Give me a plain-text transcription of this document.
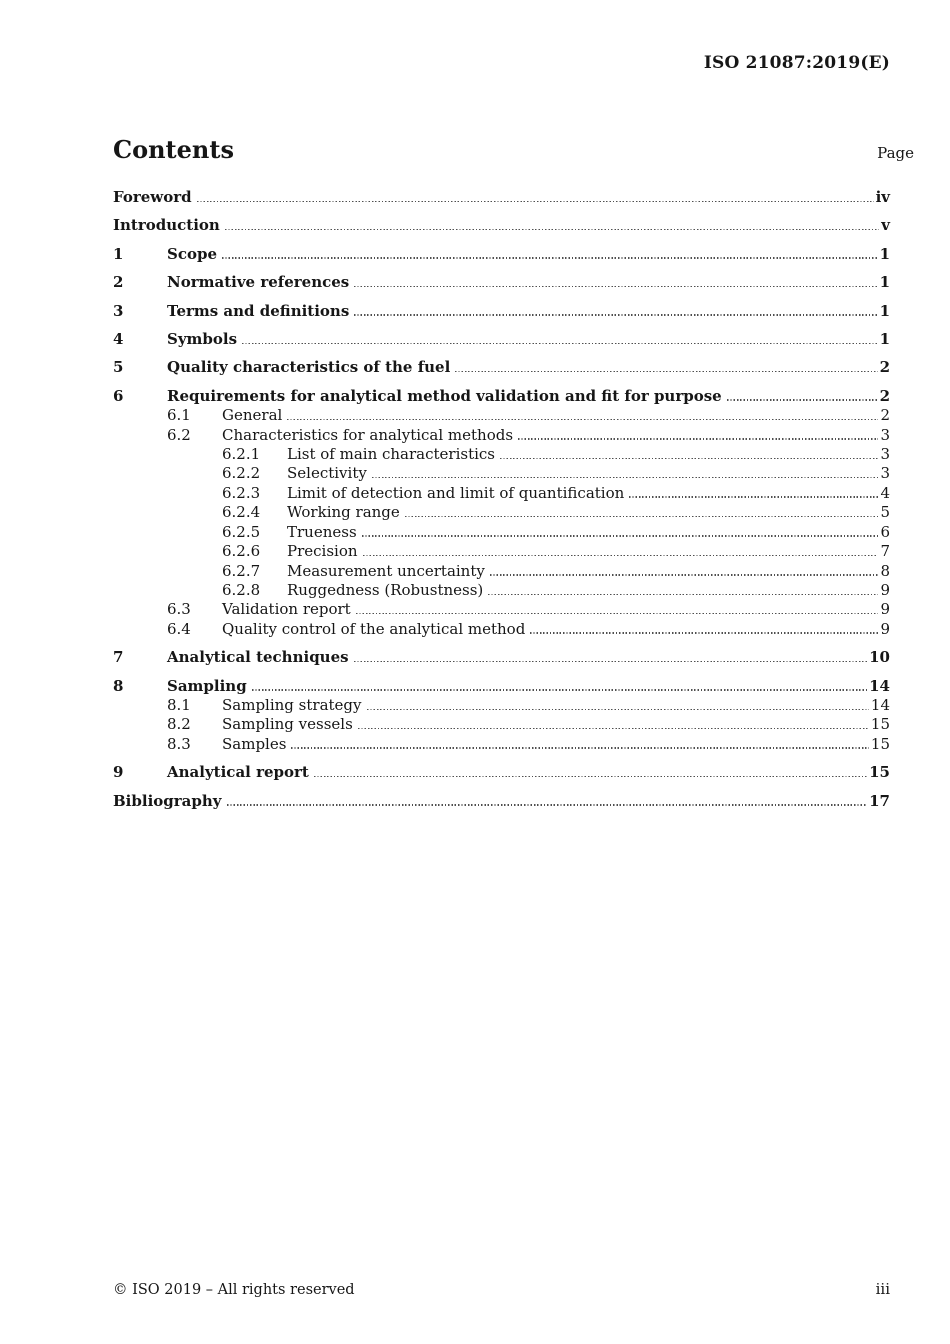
ISO 21087:2019(E)
Contents	Page
Foreword	iv
Introduction	v
1	Scope	1
2	Normative references	1
3	Terms and definitions	1
4	Symbols	1
5	Quality characteristics of the fuel	2
6	Requirements for analytical method validation and fit for purpose	2
6.1	General	2
6.2	Characteristics for analytical methods	3
6.2.1	List of main characteristics	3
6.2.2	Selectivity	3
6.2.3	Limit of detection and limit of quantification	4
6.2.4	Working range	5
6.2.5	Trueness	6
6.2.6	Precision	7
6.2.7	Measurement uncertainty	8
6.2.8	Ruggedness (Robustness)	9
6.3	Validation report	9
6.4	Quality control of the analytical method	9
7	Analytical techniques	10
8	Sampling	14
8.1	Sampling strategy	14
8.2	Sampling vessels	15
8.3	Samples	15
9	Analytical report	15
Bibliography	17
© ISO 2019 – All rights reserved	iii
